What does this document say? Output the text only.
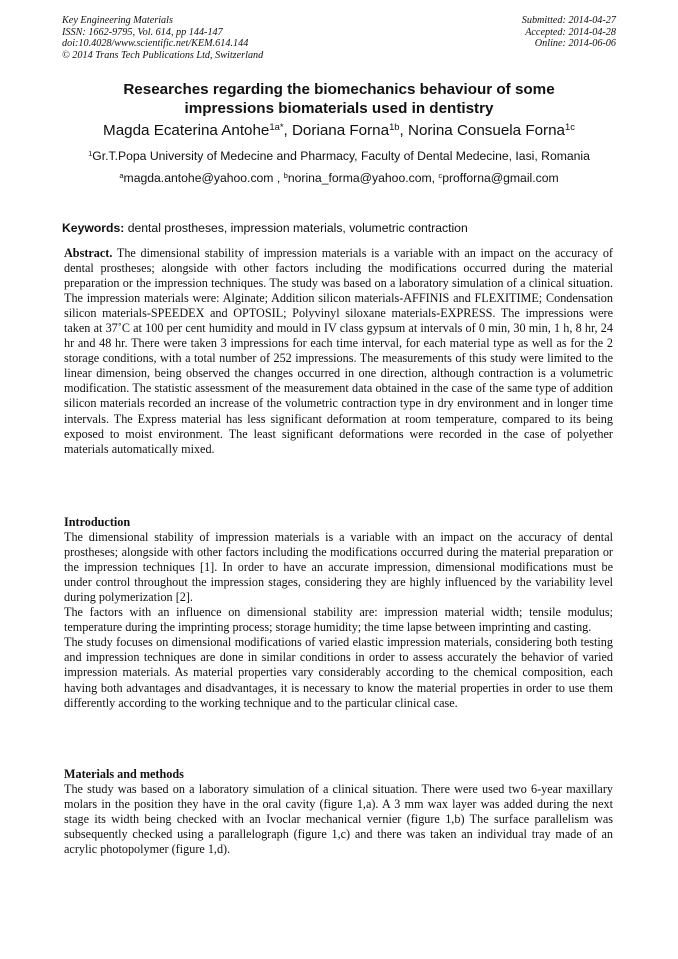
Key Engineering Materials
ISSN: 1662-9795, Vol. 614, pp 144-147
doi:10.4028/www.scientific.net/KEM.614.144
© 2014 Trans Tech Publications Ltd, Switzerland
Submitted: 2014-04-27
Accepted: 2014-04-28
Online: 2014-06-06
Researches regarding the biomechanics behaviour of some
impressions biomaterials used in dentistry
Magda Ecaterina Antohe$^{1a*}$, Doriana Forna$^{1b}$, Norina Consuela Forna$^{1c}$
$^1$Gr.T.Popa University of Medecine and Pharmacy, Faculty of Dental Medecine, Iasi, Romania
$^a$magda.antohe@yahoo.com , $^b$norina_forma@yahoo.com, $^c$profforna@gmail.com
Keywords: dental prostheses, impression materials, volumetric contraction

Abstract. The dimensional stability of impression materials is a variable with an impact on the accuracy of dental prostheses; alongside with other factors including the modifications occurred during the material preparation or the impression techniques. The study was based on a laboratory simulation of a clinical situation. The impression materials were: Alginate; Addition silicon materials-AFFINIS and FLEXITIME; Condensation silicon materials-SPEEDEX and OPTOSIL; Polyvinyl siloxane materials-EXPRESS. The impressions were taken at 37˚C at 100 per cent humidity and mould in IV class gypsum at intervals of 0 min, 30 min, 1 h, 8 hr, 24 hr and 48 hr. There were taken 3 impressions for each time interval, for each material type as well as for the 2 storage conditions, with a total number of 252 impressions. The measurements of this study were limited to the linear dimension, being observed the changes occurred in one direction, although contraction is a volumetric modification. The statistic assessment of the measurement data obtained in the case of the same type of addition silicon materials recorded an increase of the volumetric contraction type in dry environment and in longer time intervals. The Express material has less significant deformation at room temperature, compared to its being exposed to moist environment. The least significant deformations were recorded in the case of polyether materials automatically mixed.

Introduction

The dimensional stability of impression materials is a variable with an impact on the accuracy of dental prostheses; alongside with other factors including the modifications occurred during the material preparation or the impression techniques [1]. In order to have an accurate impression, dimensional modifications must be under control throughout the impression stages, considering they are highly influenced by the variability level during polymerization [2].

The factors with an influence on dimensional stability are: impression material width; tensile modulus; temperature during the imprinting process; storage humidity; the time lapse between imprinting and casting.

The study focuses on dimensional modifications of varied elastic impression materials, considering both testing and impression techniques are done in similar conditions in order to assess accurately the behavior of varied impression materials. As material properties vary considerably according to the chemical composition, each having both advantages and disadvantages, it is necessary to know the material properties in order to use them differently according to the working technique and to the particular clinical case.

Materials and methods

The study was based on a laboratory simulation of a clinical situation. There were used two 6-year maxillary molars in the position they have in the oral cavity (figure 1,a). A 3 mm wax layer was added during the next stage its width being checked with an Ivoclar mechanical vernier (figure 1,b) The surface parallelism was subsequently checked using a parallelograph (figure 1,c) and there was taken an individual tray made of an acrylic photopolymer (figure 1,d).
